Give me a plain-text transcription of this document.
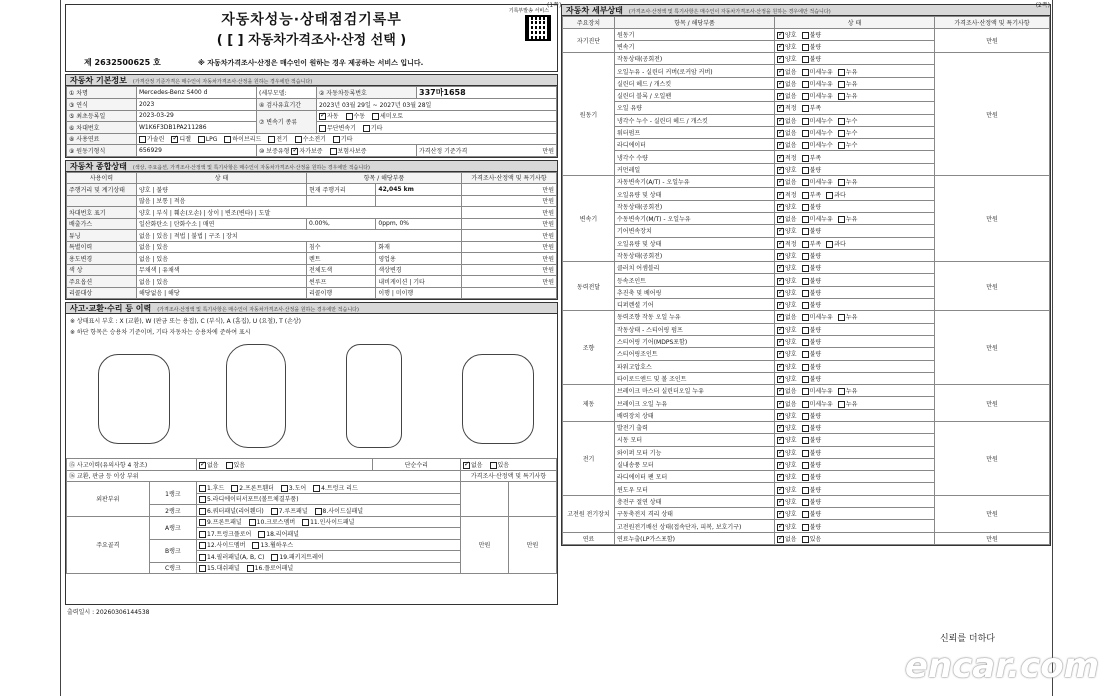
자동차성능·상태점검기록부
( [ ] 자동차가격조사·산정 선택 )
기록부발송 서비스
제 2632500625 호	※ 자동차가격조사·산정은 매수인이 원하는 경우 제공하는 서비스 입니다.
자동차 기본정보 (가격산정 기준가격은 매수인이 자동차가격조사·산정을 원하는 경우에만 적습니다)
① 차명	Mercedes-Benz S400 d	(세부모델:	② 자동차등록번호	337마1658
③ 연식	2023	④ 검사유효기간	2023년 03월 29일 ~ 2027년 03월 28일	
⑤ 최초등록일	2023-03-29	⑦ 변속기 종류	✓자동 수동 세미오토
⑥ 차대번호	W1K6F3DB1PA211286		무단변속기 기타	
⑧ 사용연료	가솔린 ✓ 디젤 LPG 하이브리드 전기 수소전기 기타
⑨ 원동기형식	656929	⑩ 보증유형 ✓ 자가보증 보험사보증		가격산정 기준가격 만원
자동차 종합상태 (색상, 주요옵션, 가격조사·산정액 및 특기사항은 매수인이 자동차가격조사·산정을 원하는 경우에만 적습니다)
사용이력	상 태	항목 / 해당부품		가격조사·산정액 및 특기사항
주행거리 및 계기상태	양호 | 불량	현재 주행거리	42,045 km	만원
	많음 | 보통 | 적음			만원
차대번호 표기	양호 | 부식 | 훼손(오손) | 상이 | 변조(변타) | 도말			만원
배출가스	일산화탄소 | 탄화수소 | 매연	0.00%,	0ppm, 0%	만원
튜닝	없음 | 있음 | 적법 | 불법 | 구조 | 장치			만원
특별이력	없음 | 있음	침수	화재	만원
용도변경	없음 | 있음	렌트	영업용	만원
색 상	무채색 | 유채색	전체도색	색상변경	만원
주요옵션	없음 | 있음	썬루프	내비게이션 | 기타	만원
리콜대상	해당없음 | 해당	리콜이행	이행 | 미이행	
사고·교환·수리 등 이력 (가격조사·산정액 및 특기사항은 매수인이 자동차가격조사·산정을 원하는 경우에만 적습니다)
※ 상태표시 부호 : X (교환), W (판금 또는 용접), C (부식), A (흠집), U (요철), T (손상)
※ 하단 항목은 승용차 기준이며, 기타 자동차는 승용차에 준하여 표시
⑮ 사고이력(유의사항 4 참조)	✓없음 있음	단순수리	✓없음 있음
⑯ 교환, 판금 등 이상 부위				가격조사·산정액 및 특기사항	
외판부위	1랭크	1.후드 2.프론트휀더 3.도어 4.트렁크 리드			
		5.라디에이터서포트(볼트체결부품)			
	2랭크	6.쿼터패널(리어휀더) 7.루프패널 8.사이드실패널			
주요골격	A랭크	9.프론트패널 10.크로스멤버 11.인사이드패널		만원	만원
		17.트렁크플로어 18.리어패널			
	B랭크	12.사이드멤버 13.휠하우스			
		14.필러패널(A, B, C) 19.패키지트레이			
	C랭크	15.대쉬패널 16.플로어패널			
출력일시 : 20260306144538
자동차 세부상태 (가격조사·산정액 및 특기사항은 매수인이 자동차가격조사·산정을 원하는 경우에만 적습니다)
주요장치	항목 / 해당부품	상 태	가격조사·산정액 및 특기사항
자기진단	원동기	✓양호 불량	만원
	변속기	✓양호 불량
원동기	작동상태(공회전)	✓양호 불량	만원
	오일누유 - 실린더 커버(로커암 커버)	✓없음 미세누유 누유
	실린더 헤드 / 개스킷	✓없음 미세누유 누유
	실린더 블록 / 오일팬	✓없음 미세누유 누유
	오일 유량	✓적정 부족
	냉각수 누수 - 실린더 헤드 / 개스킷	✓없음 미세누수 누수
	워터펌프	✓없음 미세누수 누수
	라디에이터	✓없음 미세누수 누수
	냉각수 수량	✓적정 부족
	커먼레일	✓양호 불량
변속기	자동변속기(A/T) - 오일누유	✓없음 미세누유 누유	만원
	오일유량 및 상태	✓적정 부족 과다
	작동상태(공회전)	✓양호 불량
	수동변속기(M/T) - 오일누유	✓없음 미세누유 누유
	기어변속장치	✓양호 불량
	오일유량 및 상태	✓적정 부족 과다
	작동상태(공회전)	✓양호 불량
동력전달	클러치 어셈블리	✓양호 불량	만원
	등속조인트	✓양호 불량
	추진축 및 베어링	✓양호 불량
	디퍼렌셜 기어	✓양호 불량
조향	동력조향 작동 오일 누유	✓없음 미세누유 누유	만원
	작동상태 - 스티어링 펌프	✓양호 불량
	스티어링 기어(MDPS포함)	✓양호 불량
	스티어링조인트	✓양호 불량
	파워고압호스	✓양호 불량
	타이로드엔드 및 볼 조인트	✓양호 불량
제동	브레이크 마스터 실린더오일 누유	✓없음 미세누유 누유	만원
	브레이크 오일 누유	✓없음 미세누유 누유
	배력장치 상태	✓양호 불량
전기	발전기 출력	✓양호 불량	만원
	시동 모터	✓양호 불량
	와이퍼 모터 기능	✓양호 불량
	실내송풍 모터	✓양호 불량
	라디에이터 팬 모터	✓양호 불량
	윈도우 모터	✓양호 불량
고전원 전기장치	충전구 절연 상태	✓양호 불량	만원
	구동축전지 격리 상태	✓양호 불량
	고전원전기배선 상태(접속단자, 피복, 보호기구)	✓양호 불량
연료	연료누출(LP가스포함)	✓없음 있음	만원
(1쪽)	(2쪽)
신뢰를 더하다
encar.com
